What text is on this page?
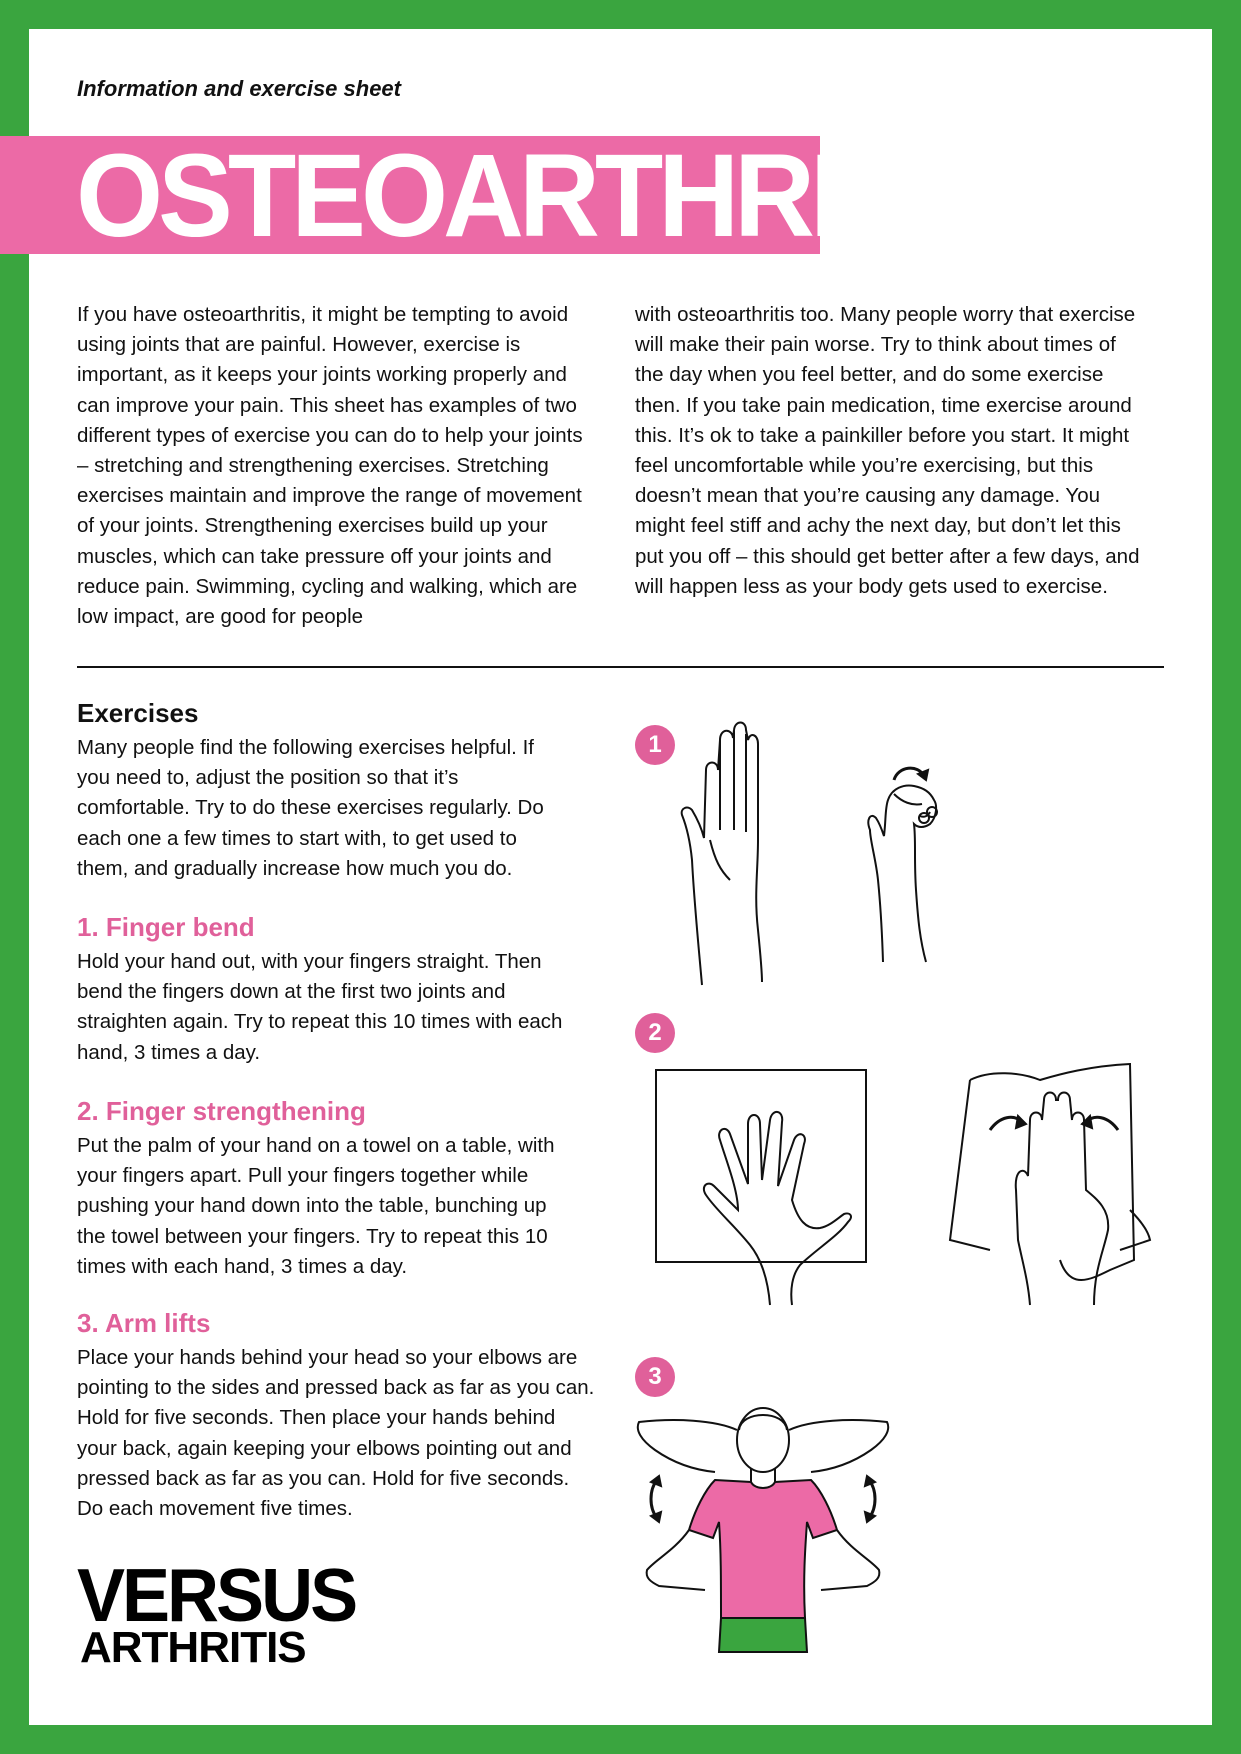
Information and exercise sheet
OSTEOARTHRITIS

If you have osteoarthritis, it might be tempting to avoid using joints that are painful. However, exercise is important, as it keeps your joints working properly and can improve your pain. This sheet has examples of two different types of exercise you can do to help your joints – stretching and strengthening exercises. Stretching exercises maintain and improve the range of movement of your joints. Strengthening exercises build up your muscles, which can take pressure off your joints and reduce pain. Swimming, cycling and walking, which are low impact, are good for people

with osteoarthritis too. Many people worry that exercise will make their pain worse. Try to think about times of the day when you feel better, and do some exercise then. If you take pain medication, time exercise around this. It’s ok to take a painkiller before you start. It might feel uncomfortable while you’re exercising, but this doesn’t mean that you’re causing any damage. You might feel stiff and achy the next day, but don’t let this put you off – this should get better after a few days, and will happen less as your body gets used to exercise.

Exercises

Many people find the following exercises helpful. If you need to, adjust the position so that it’s comfortable. Try to do these exercises regularly. Do each one a few times to start with, to get used to them, and gradually increase how much you do.

1. Finger bend

Hold your hand out, with your fingers straight. Then bend the fingers down at the first two joints and straighten again. Try to repeat this 10 times with each hand, 3 times a day.

2. Finger strengthening

Put the palm of your hand on a towel on a table, with your fingers apart. Pull your fingers together while pushing your hand down into the table, bunching up the towel between your fingers. Try to repeat this 10 times with each hand, 3 times a day.

3. Arm lifts

Place your hands behind your head so your elbows are pointing to the sides and pressed back as far as you can. Hold for five seconds. Then place your hands behind your back, again keeping your elbows pointing out and pressed back as far as you can. Hold for five seconds. Do each movement five times.

1
2
3
VERSUS
ARTHRITIS
